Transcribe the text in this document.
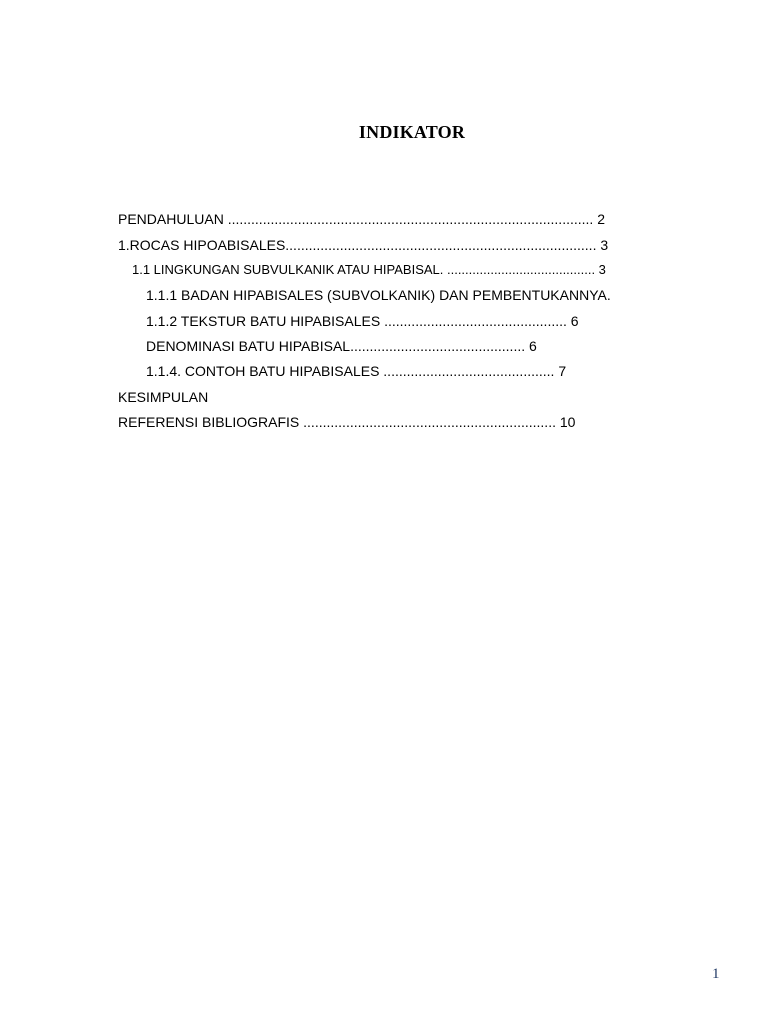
INDIKATOR
PENDAHULUAN .............................................................................................. 2
1.ROCAS HIPOABISALES................................................................................ 3
1.1 LINGKUNGAN SUBVULKANIK ATAU HIPABISAL. ......................................... 3
1.1.1 BADAN HIPABISALES (SUBVOLKANIK) DAN PEMBENTUKANNYA.
1.1.2 TEKSTUR BATU HIPABISALES ............................................... 6
DENOMINASI BATU HIPABISAL............................................. 6
1.1.4. CONTOH BATU HIPABISALES ............................................ 7
KESIMPULAN
REFERENSI BIBLIOGRAFIS ................................................................. 10
1
